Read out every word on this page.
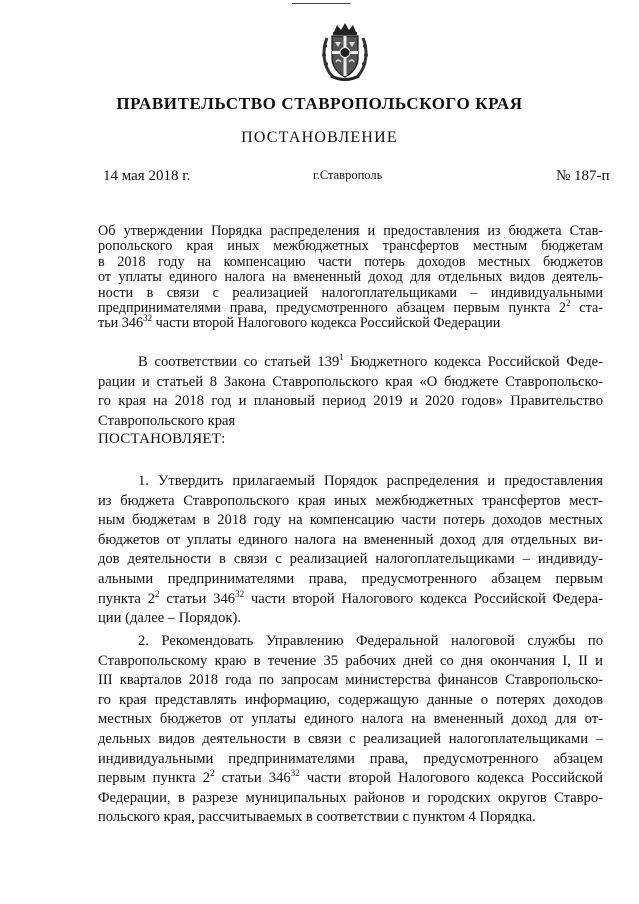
ПРАВИТЕЛЬСТВО СТАВРОПОЛЬСКОГО КРАЯ
ПОСТАНОВЛЕНИЕ
14 мая 2018 г.	г.Ставрополь	№ 187-п
Об утверждении Порядка распределения и предоставления из бюджета Став-
ропольского края иных межбюджетных трансфертов местным бюджетам
в 2018 году на компенсацию части потерь доходов местных бюджетов
от уплаты единого налога на вмененный доход для отдельных видов деятель-
ности в связи с реализацией налогоплательщиками – индивидуальными
предпринимателями права, предусмотренного абзацем первым пункта $2^2$ ста-
тьи $346^{32}$ части второй Налогового кодекса Российской Федерации
В соответствии со статьей $139^1$ Бюджетного кодекса Российской Феде-
рации и статьей 8 Закона Ставропольского края «О бюджете Ставропольско-
го края на 2018 год и плановый период 2019 и 2020 годов» Правительство
Ставропольского края
ПОСТАНОВЛЯЕТ:
1. Утвердить прилагаемый Порядок распределения и предоставления
из бюджета Ставропольского края иных межбюджетных трансфертов мест-
ным бюджетам в 2018 году на компенсацию части потерь доходов местных
бюджетов от уплаты единого налога на вмененный доход для отдельных ви-
дов деятельности в связи с реализацией налогоплательщиками – индивиду-
альными предпринимателями права, предусмотренного абзацем первым
пункта $2^2$ статьи $346^{32}$ части второй Налогового кодекса Российской Федера-
ции (далее – Порядок).
2. Рекомендовать Управлению Федеральной налоговой службы по
Ставропольскому краю в течение 35 рабочих дней со дня окончания I, II и
III кварталов 2018 года по запросам министерства финансов Ставропольско-
го края представлять информацию, содержащую данные о потерях доходов
местных бюджетов от уплаты единого налога на вмененный доход для от-
дельных видов деятельности в связи с реализацией налогоплательщиками –
индивидуальными предпринимателями права, предусмотренного абзацем
первым пункта $2^2$ статьи $346^{32}$ части второй Налогового кодекса Российской
Федерации, в разрезе муниципальных районов и городских округов Ставро-
польского края, рассчитываемых в соответствии с пунктом 4 Порядка.
